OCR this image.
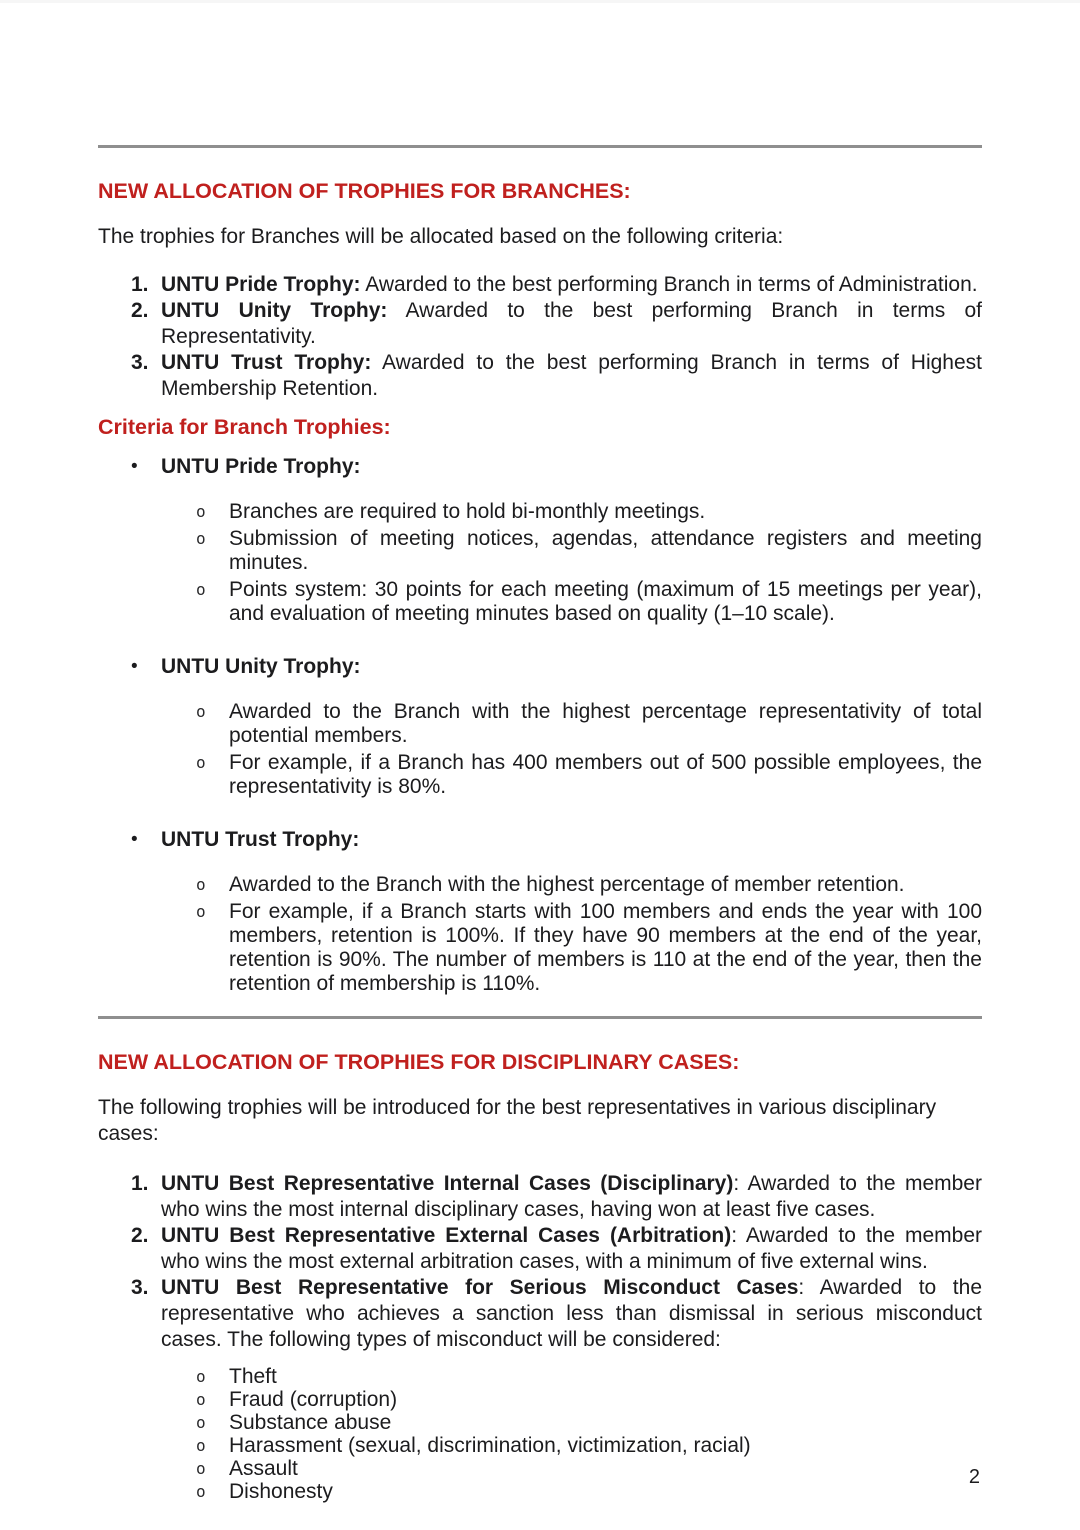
NEW ALLOCATION OF TROPHIES FOR BRANCHES:

The trophies for Branches will be allocated based on the following criteria:

1. UNTU Pride Trophy: Awarded to the best performing Branch in terms of Administration.
2. UNTU Unity Trophy: Awarded to the best performing Branch in terms of Representativity.
3. UNTU Trust Trophy: Awarded to the best performing Branch in terms of Highest Membership Retention.
Criteria for Branch Trophies:
•	UNTU Pride Trophy:
o	Branches are required to hold bi-monthly meetings.
o	Submission of meeting notices, agendas, attendance registers and meeting minutes.
o	Points system: 30 points for each meeting (maximum of 15 meetings per year), and evaluation of meeting minutes based on quality (1–10 scale).
•	UNTU Unity Trophy:
o	Awarded to the Branch with the highest percentage representativity of total potential members.
o	For example, if a Branch has 400 members out of 500 possible employees, the representativity is 80%.
•	UNTU Trust Trophy:
o	Awarded to the Branch with the highest percentage of member retention.
o	For example, if a Branch starts with 100 members and ends the year with 100 members, retention is 100%. If they have 90 members at the end of the year, retention is 90%. The number of members is 110 at the end of the year, then the retention of membership is 110%.
NEW ALLOCATION OF TROPHIES FOR DISCIPLINARY CASES:

The following trophies will be introduced for the best representatives in various disciplinary cases:

1. UNTU Best Representative Internal Cases (Disciplinary): Awarded to the member who wins the most internal disciplinary cases, having won at least five cases.
2. UNTU Best Representative External Cases (Arbitration): Awarded to the member who wins the most external arbitration cases, with a minimum of five external wins.
3. UNTU Best Representative for Serious Misconduct Cases: Awarded to the representative who achieves a sanction less than dismissal in serious misconduct cases. The following types of misconduct will be considered:
o	Theft
o	Fraud (corruption)
o	Substance abuse
o	Harassment (sexual, discrimination, victimization, racial)
o	Assault
o	Dishonesty
2
